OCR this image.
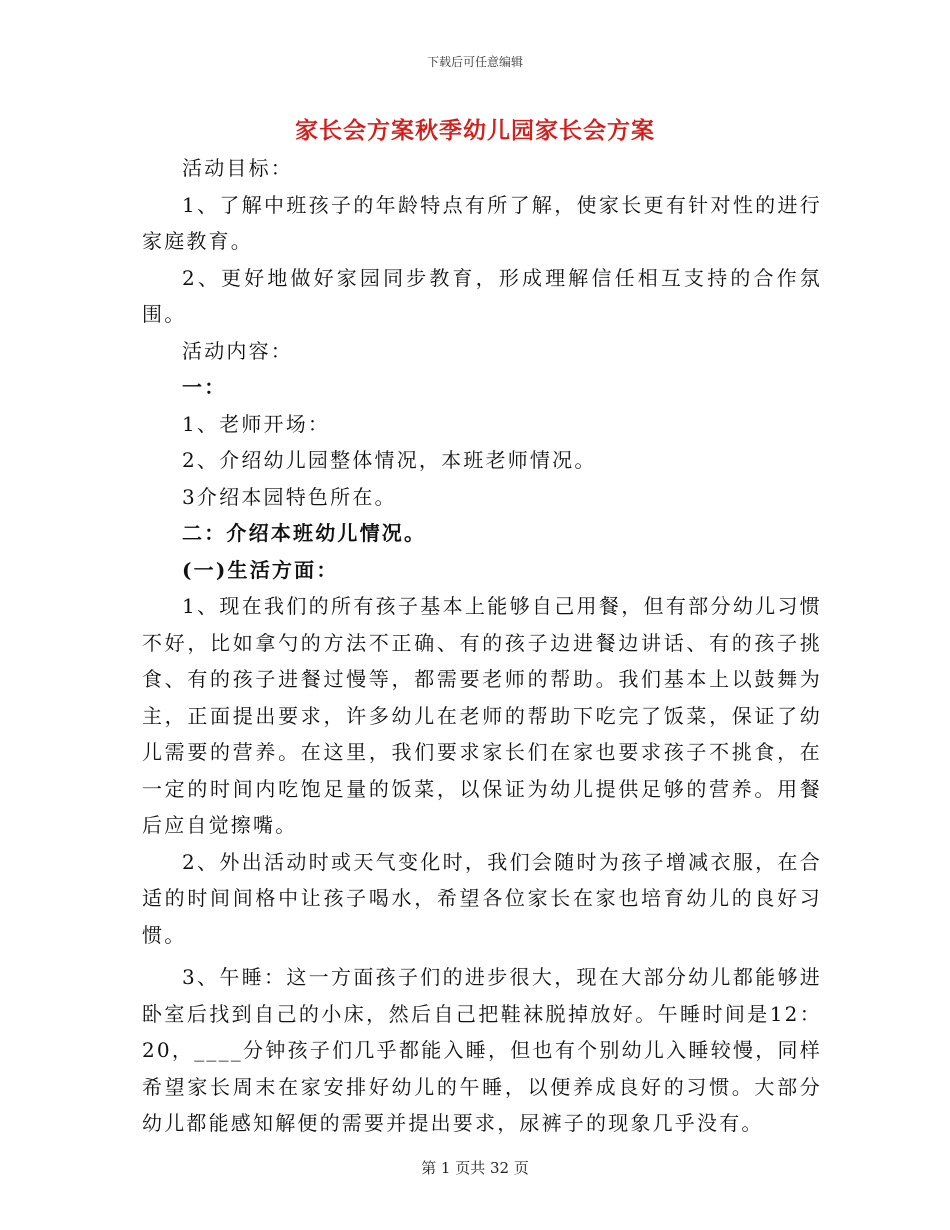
下载后可任意编辑
家长会方案秋季幼儿园家长会方案

活动目标：

1、了解中班孩子的年龄特点有所了解，使家长更有针对性的进行家庭教育。

2、更好地做好家园同步教育，形成理解信任相互支持的合作氛围。

活动内容：

一：

1、老师开场：

2、介绍幼儿园整体情况，本班老师情况。

3介绍本园特色所在。

二：介绍本班幼儿情况。

(一)生活方面：

1、现在我们的所有孩子基本上能够自己用餐，但有部分幼儿习惯不好，比如拿勺的方法不正确、有的孩子边进餐边讲话、有的孩子挑食、有的孩子进餐过慢等，都需要老师的帮助。我们基本上以鼓舞为主，正面提出要求，许多幼儿在老师的帮助下吃完了饭菜，保证了幼儿需要的营养。在这里，我们要求家长们在家也要求孩子不挑食，在一定的时间内吃饱足量的饭菜，以保证为幼儿提供足够的营养。用餐后应自觉擦嘴。

2、外出活动时或天气变化时，我们会随时为孩子增减衣服，在合适的时间间格中让孩子喝水，希望各位家长在家也培育幼儿的良好习惯。

3、午睡：这一方面孩子们的进步很大，现在大部分幼儿都能够进卧室后找到自己的小床，然后自己把鞋袜脱掉放好。午睡时间是12：20，____分钟孩子们几乎都能入睡，但也有个别幼儿入睡较慢，同样希望家长周末在家安排好幼儿的午睡，以便养成良好的习惯。大部分幼儿都能感知解便的需要并提出要求，尿裤子的现象几乎没有。

第 1 页共 32 页
